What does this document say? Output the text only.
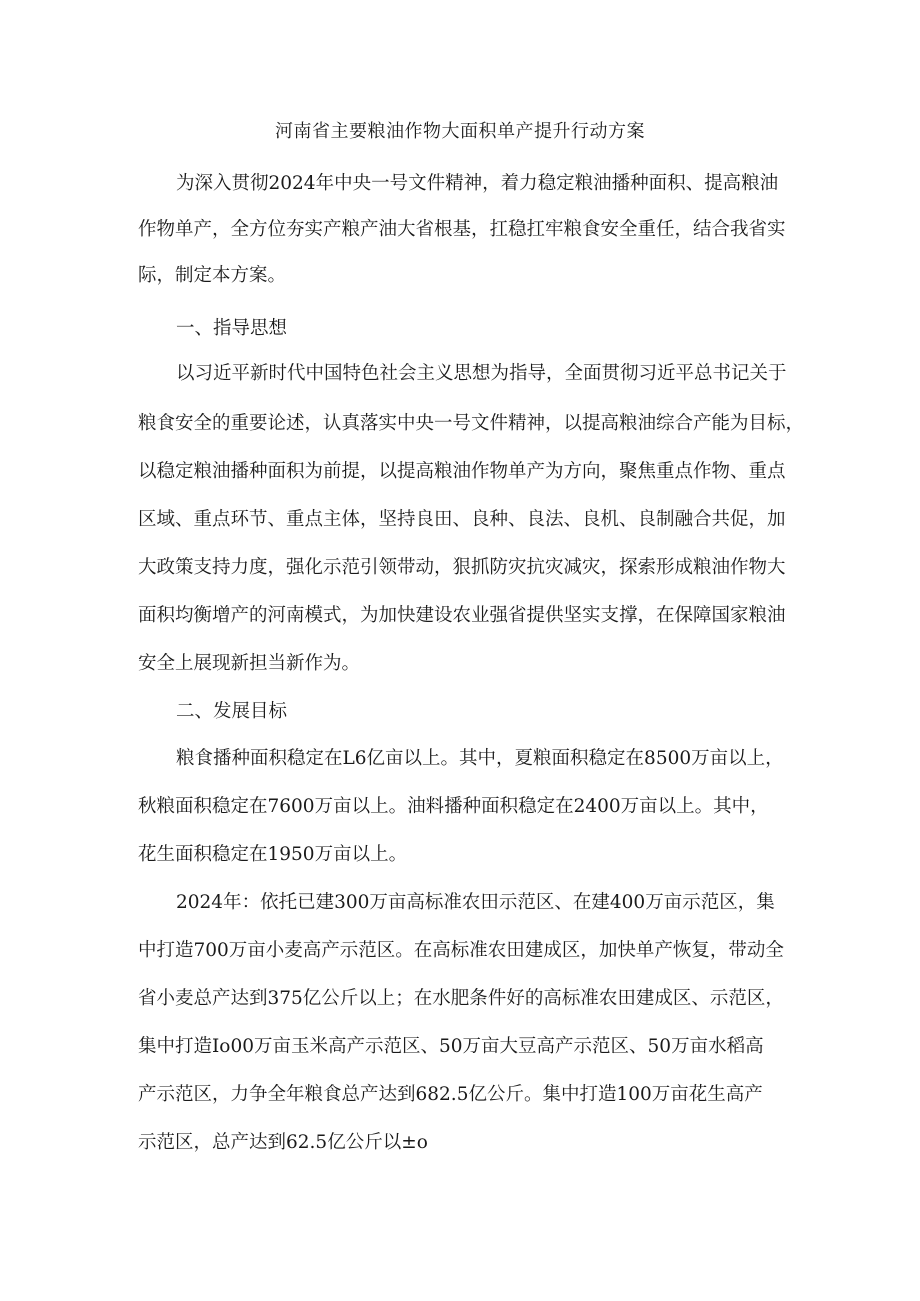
河南省主要粮油作物大面积单产提升行动方案
为深入贯彻2024年中央一号文件精神，着力稳定粮油播种面积、提高粮油
作物单产，全方位夯实产粮产油大省根基，扛稳扛牢粮食安全重任，结合我省实
际，制定本方案。
一、指导思想
以习近平新时代中国特色社会主义思想为指导，全面贯彻习近平总书记关于
粮食安全的重要论述，认真落实中央一号文件精神，以提高粮油综合产能为目标，
以稳定粮油播种面积为前提，以提高粮油作物单产为方向，聚焦重点作物、重点
区域、重点环节、重点主体，坚持良田、良种、良法、良机、良制融合共促，加
大政策支持力度，强化示范引领带动，狠抓防灾抗灾减灾，探索形成粮油作物大
面积均衡增产的河南模式，为加快建设农业强省提供坚实支撑，在保障国家粮油
安全上展现新担当新作为。
二、发展目标
粮食播种面积稳定在L6亿亩以上。其中，夏粮面积稳定在8500万亩以上，
秋粮面积稳定在7600万亩以上。油料播种面积稳定在2400万亩以上。其中，
花生面积稳定在1950万亩以上。
2024年：依托已建300万亩高标准农田示范区、在建400万亩示范区，集
中打造700万亩小麦高产示范区。在高标准农田建成区，加快单产恢复，带动全
省小麦总产达到375亿公斤以上；在水肥条件好的高标准农田建成区、示范区，
集中打造Io00万亩玉米高产示范区、50万亩大豆高产示范区、50万亩水稻高
产示范区，力争全年粮食总产达到682.5亿公斤。集中打造100万亩花生高产
示范区，总产达到62.5亿公斤以±o
